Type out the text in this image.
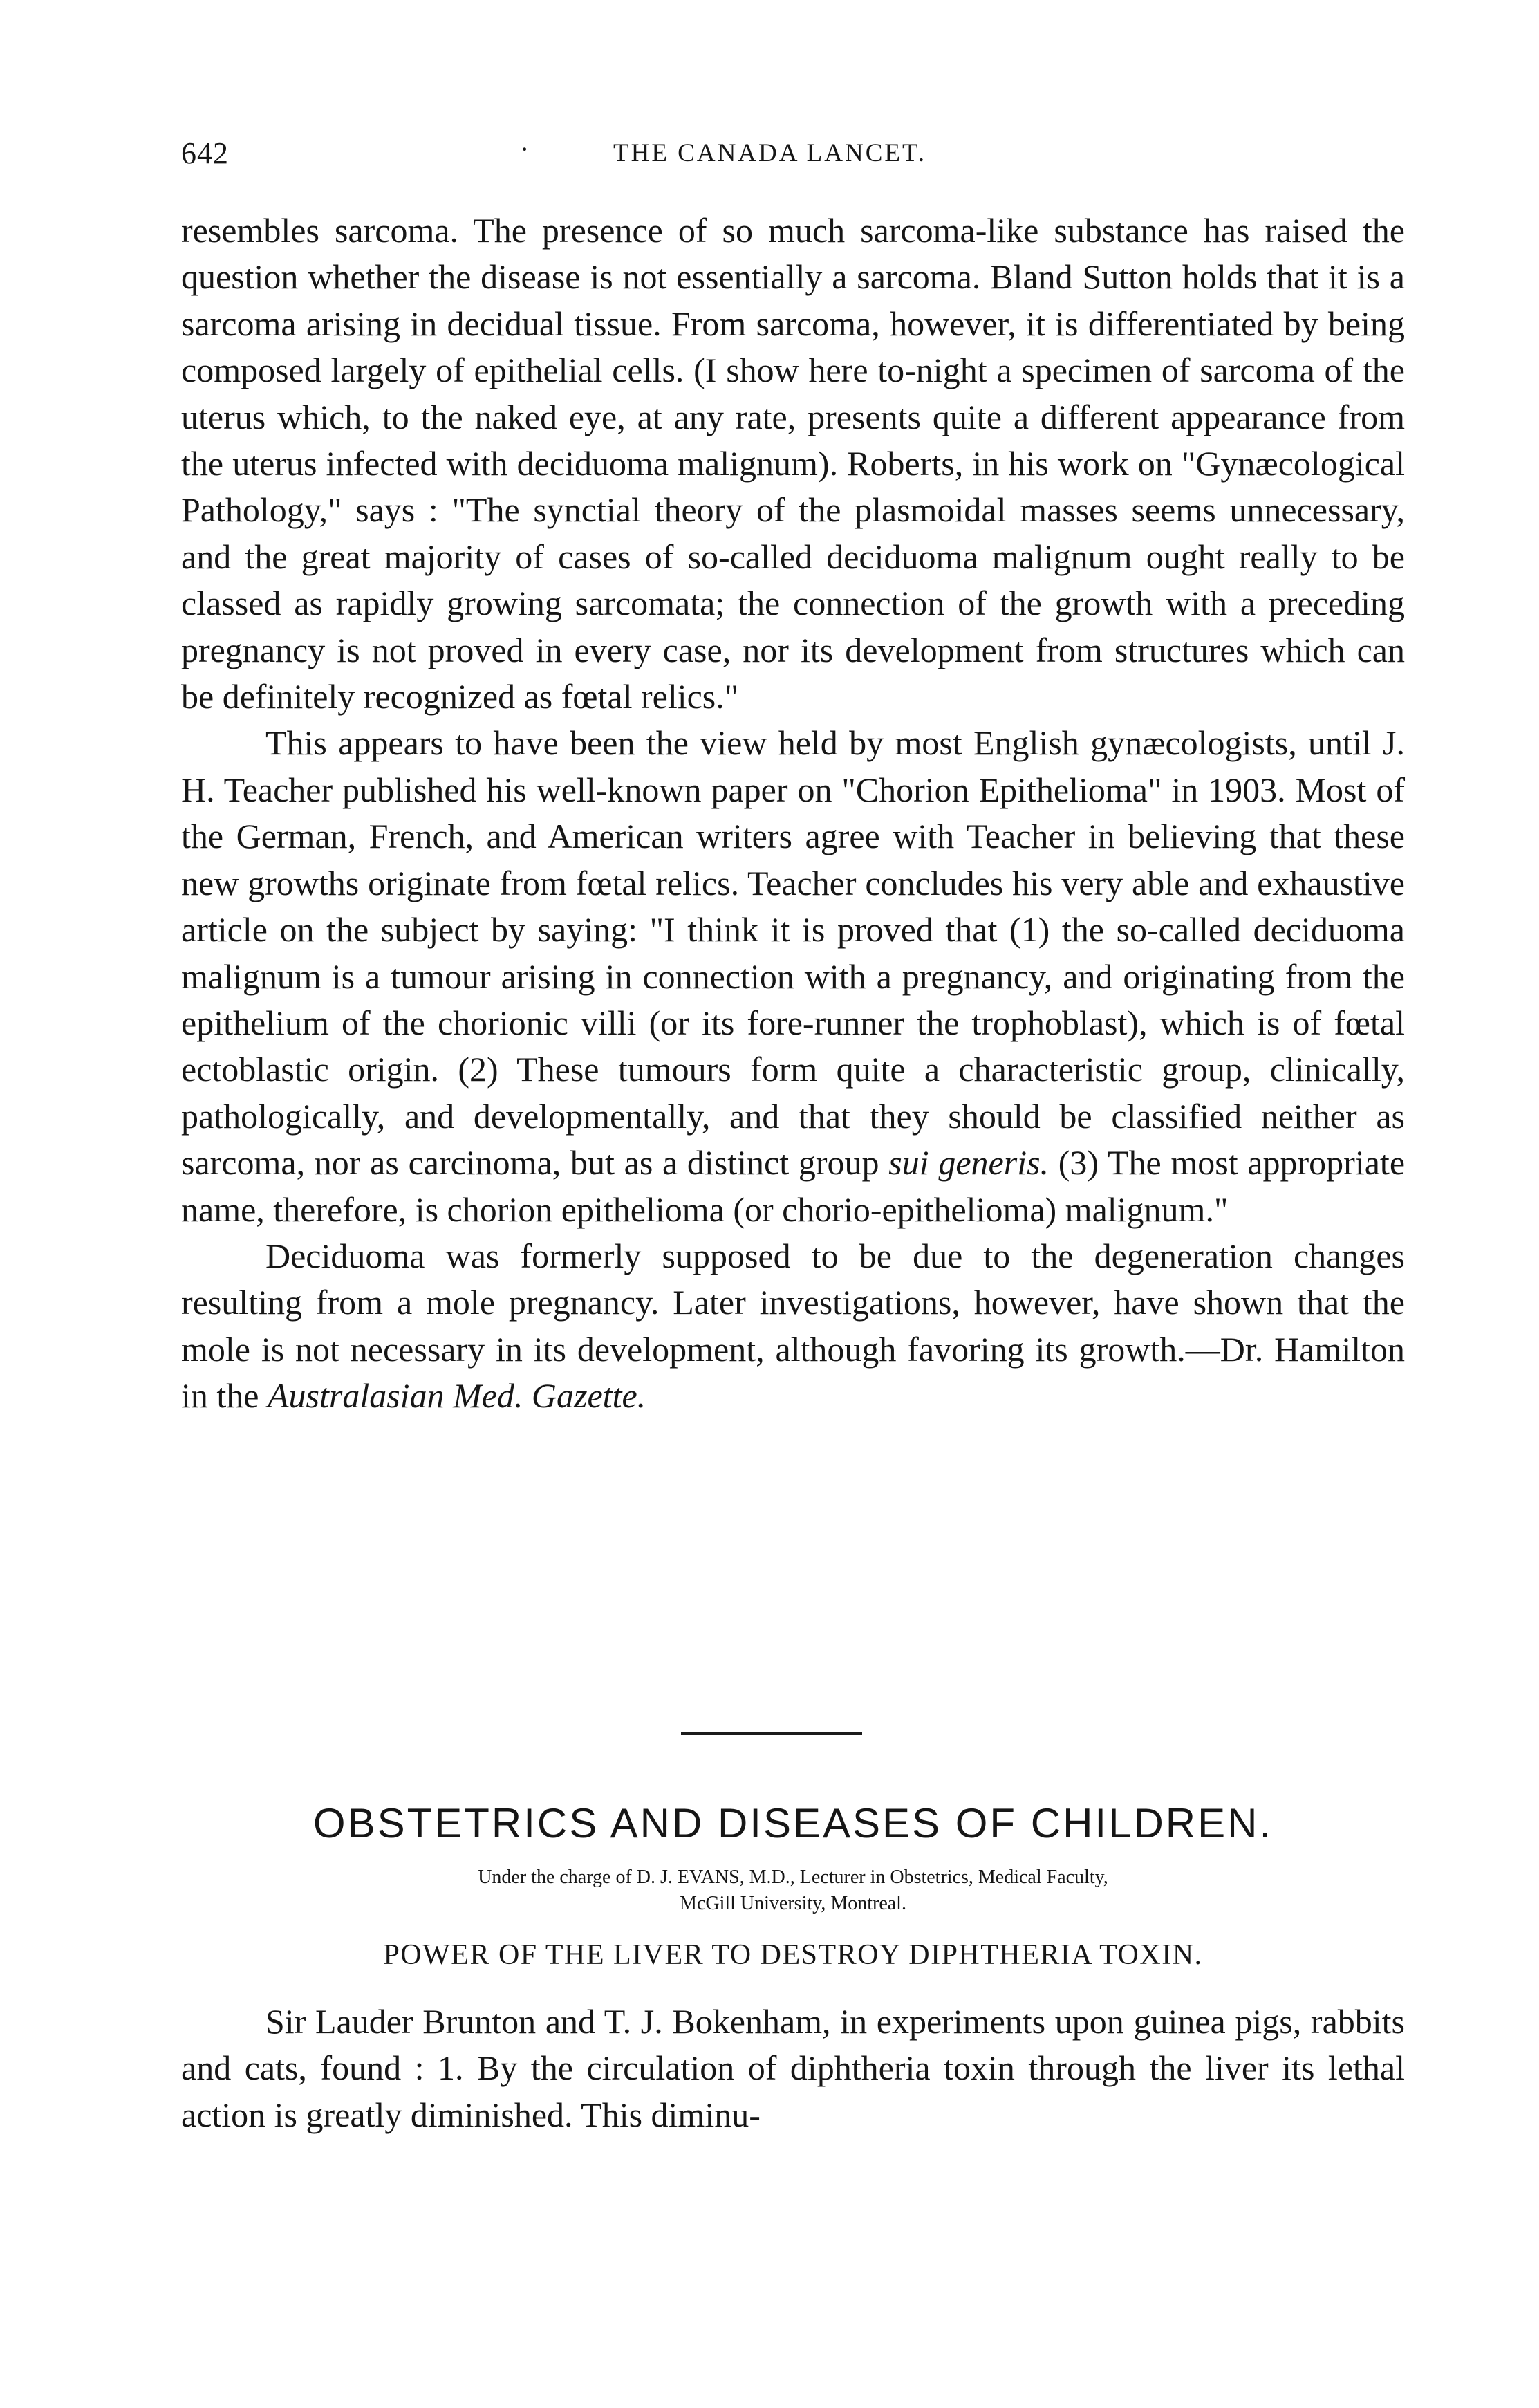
642	·	THE CANADA LANCET.

resembles sarcoma. The presence of so much sarcoma-like substance has raised the question whether the disease is not essentially a sarcoma. Bland Sutton holds that it is a sarcoma arising in decidual tissue. From sarcoma, however, it is differentiated by being composed largely of epithelial cells. (I show here to-night a specimen of sarcoma of the uterus which, to the naked eye, at any rate, presents quite a different appearance from the uterus infected with deciduoma malignum). Roberts, in his work on "Gynæcological Pathology," says : "The synctial theory of the plasmoidal masses seems unnecessary, and the great majority of cases of so-called deciduoma malignum ought really to be classed as rapidly growing sarcomata; the connection of the growth with a preceding pregnancy is not proved in every case, nor its development from structures which can be definitely recognized as fœtal relics."

This appears to have been the view held by most English gynæcologists, until J. H. Teacher published his well-known paper on "Chorion Epithelioma" in 1903. Most of the German, French, and American writers agree with Teacher in believing that these new growths originate from fœtal relics. Teacher concludes his very able and exhaustive article on the subject by saying: "I think it is proved that (1) the so-called deciduoma malignum is a tumour arising in connection with a pregnancy, and originating from the epithelium of the chorionic villi (or its fore-runner the trophoblast), which is of fœtal ectoblastic origin. (2) These tumours form quite a characteristic group, clinically, pathologically, and developmentally, and that they should be classified neither as sarcoma, nor as carcinoma, but as a distinct group sui generis. (3) The most appropriate name, therefore, is chorion epithelioma (or chorio-epithelioma) malignum."

Deciduoma was formerly supposed to be due to the degeneration changes resulting from a mole pregnancy. Later investigations, however, have shown that the mole is not necessary in its development, although favoring its growth.—Dr. Hamilton in the Australasian Med. Gazette.

OBSTETRICS AND DISEASES OF CHILDREN.
Under the charge of D. J. EVANS, M.D., Lecturer in Obstetrics, Medical Faculty,
McGill University, Montreal.
POWER OF THE LIVER TO DESTROY DIPHTHERIA TOXIN.

Sir Lauder Brunton and T. J. Bokenham, in experiments upon guinea pigs, rabbits and cats, found : 1. By the circulation of diphtheria toxin through the liver its lethal action is greatly diminished. This diminu-
